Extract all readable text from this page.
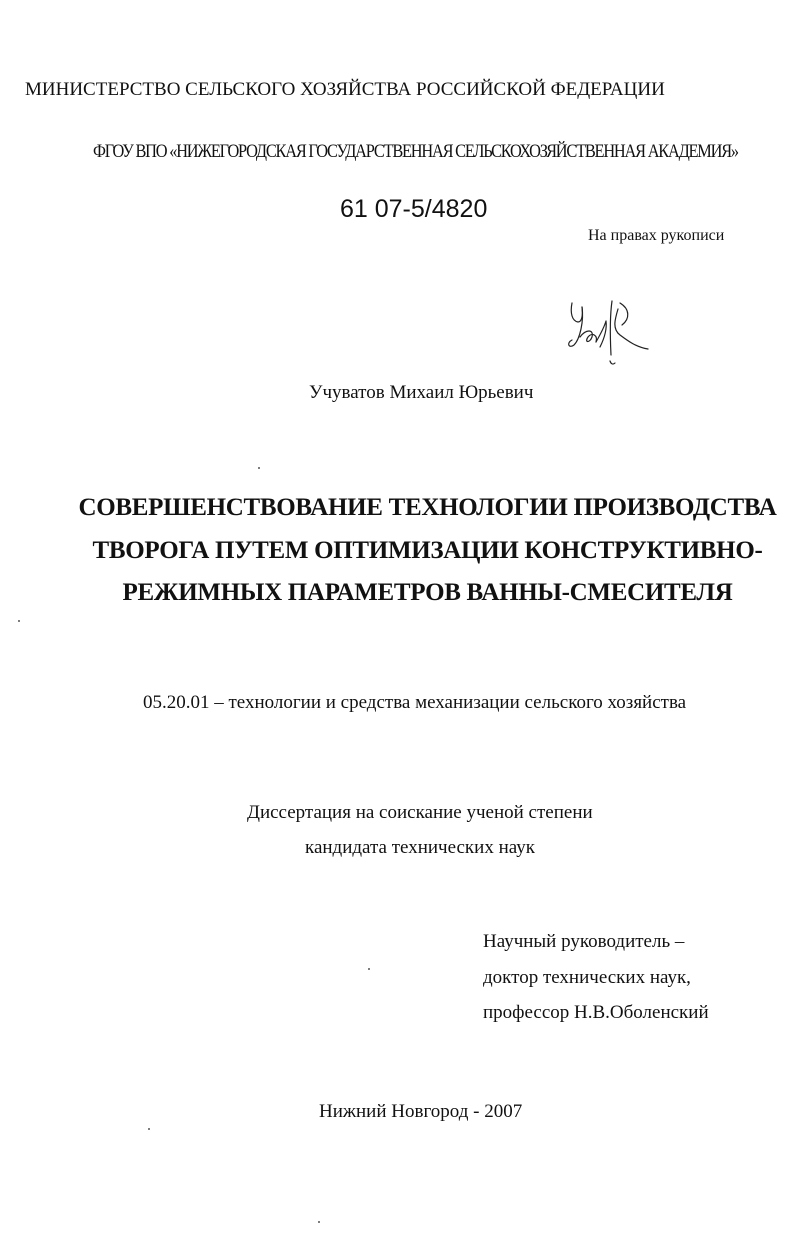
МИНИСТЕРСТВО СЕЛЬСКОГО ХОЗЯЙСТВА РОССИЙСКОЙ ФЕДЕРАЦИИ
ФГОУ ВПО «НИЖЕГОРОДСКАЯ ГОСУДАРСТВЕННАЯ СЕЛЬСКОХОЗЯЙСТВЕННАЯ АКАДЕМИЯ»
61 07-5/4820
На правах рукописи
Учуватов Михаил Юрьевич
СОВЕРШЕНСТВОВАНИЕ ТЕХНОЛОГИИ ПРОИЗВОДСТВА
ТВОРОГА ПУТЕМ ОПТИМИЗАЦИИ КОНСТРУКТИВНО-
РЕЖИМНЫХ ПАРАМЕТРОВ ВАННЫ-СМЕСИТЕЛЯ
05.20.01 – технологии и средства механизации сельского хозяйства
Диссертация на соискание ученой степени
кандидата технических наук
Научный руководитель –
доктор технических наук,
профессор Н.В.Оболенский
Нижний Новгород - 2007
